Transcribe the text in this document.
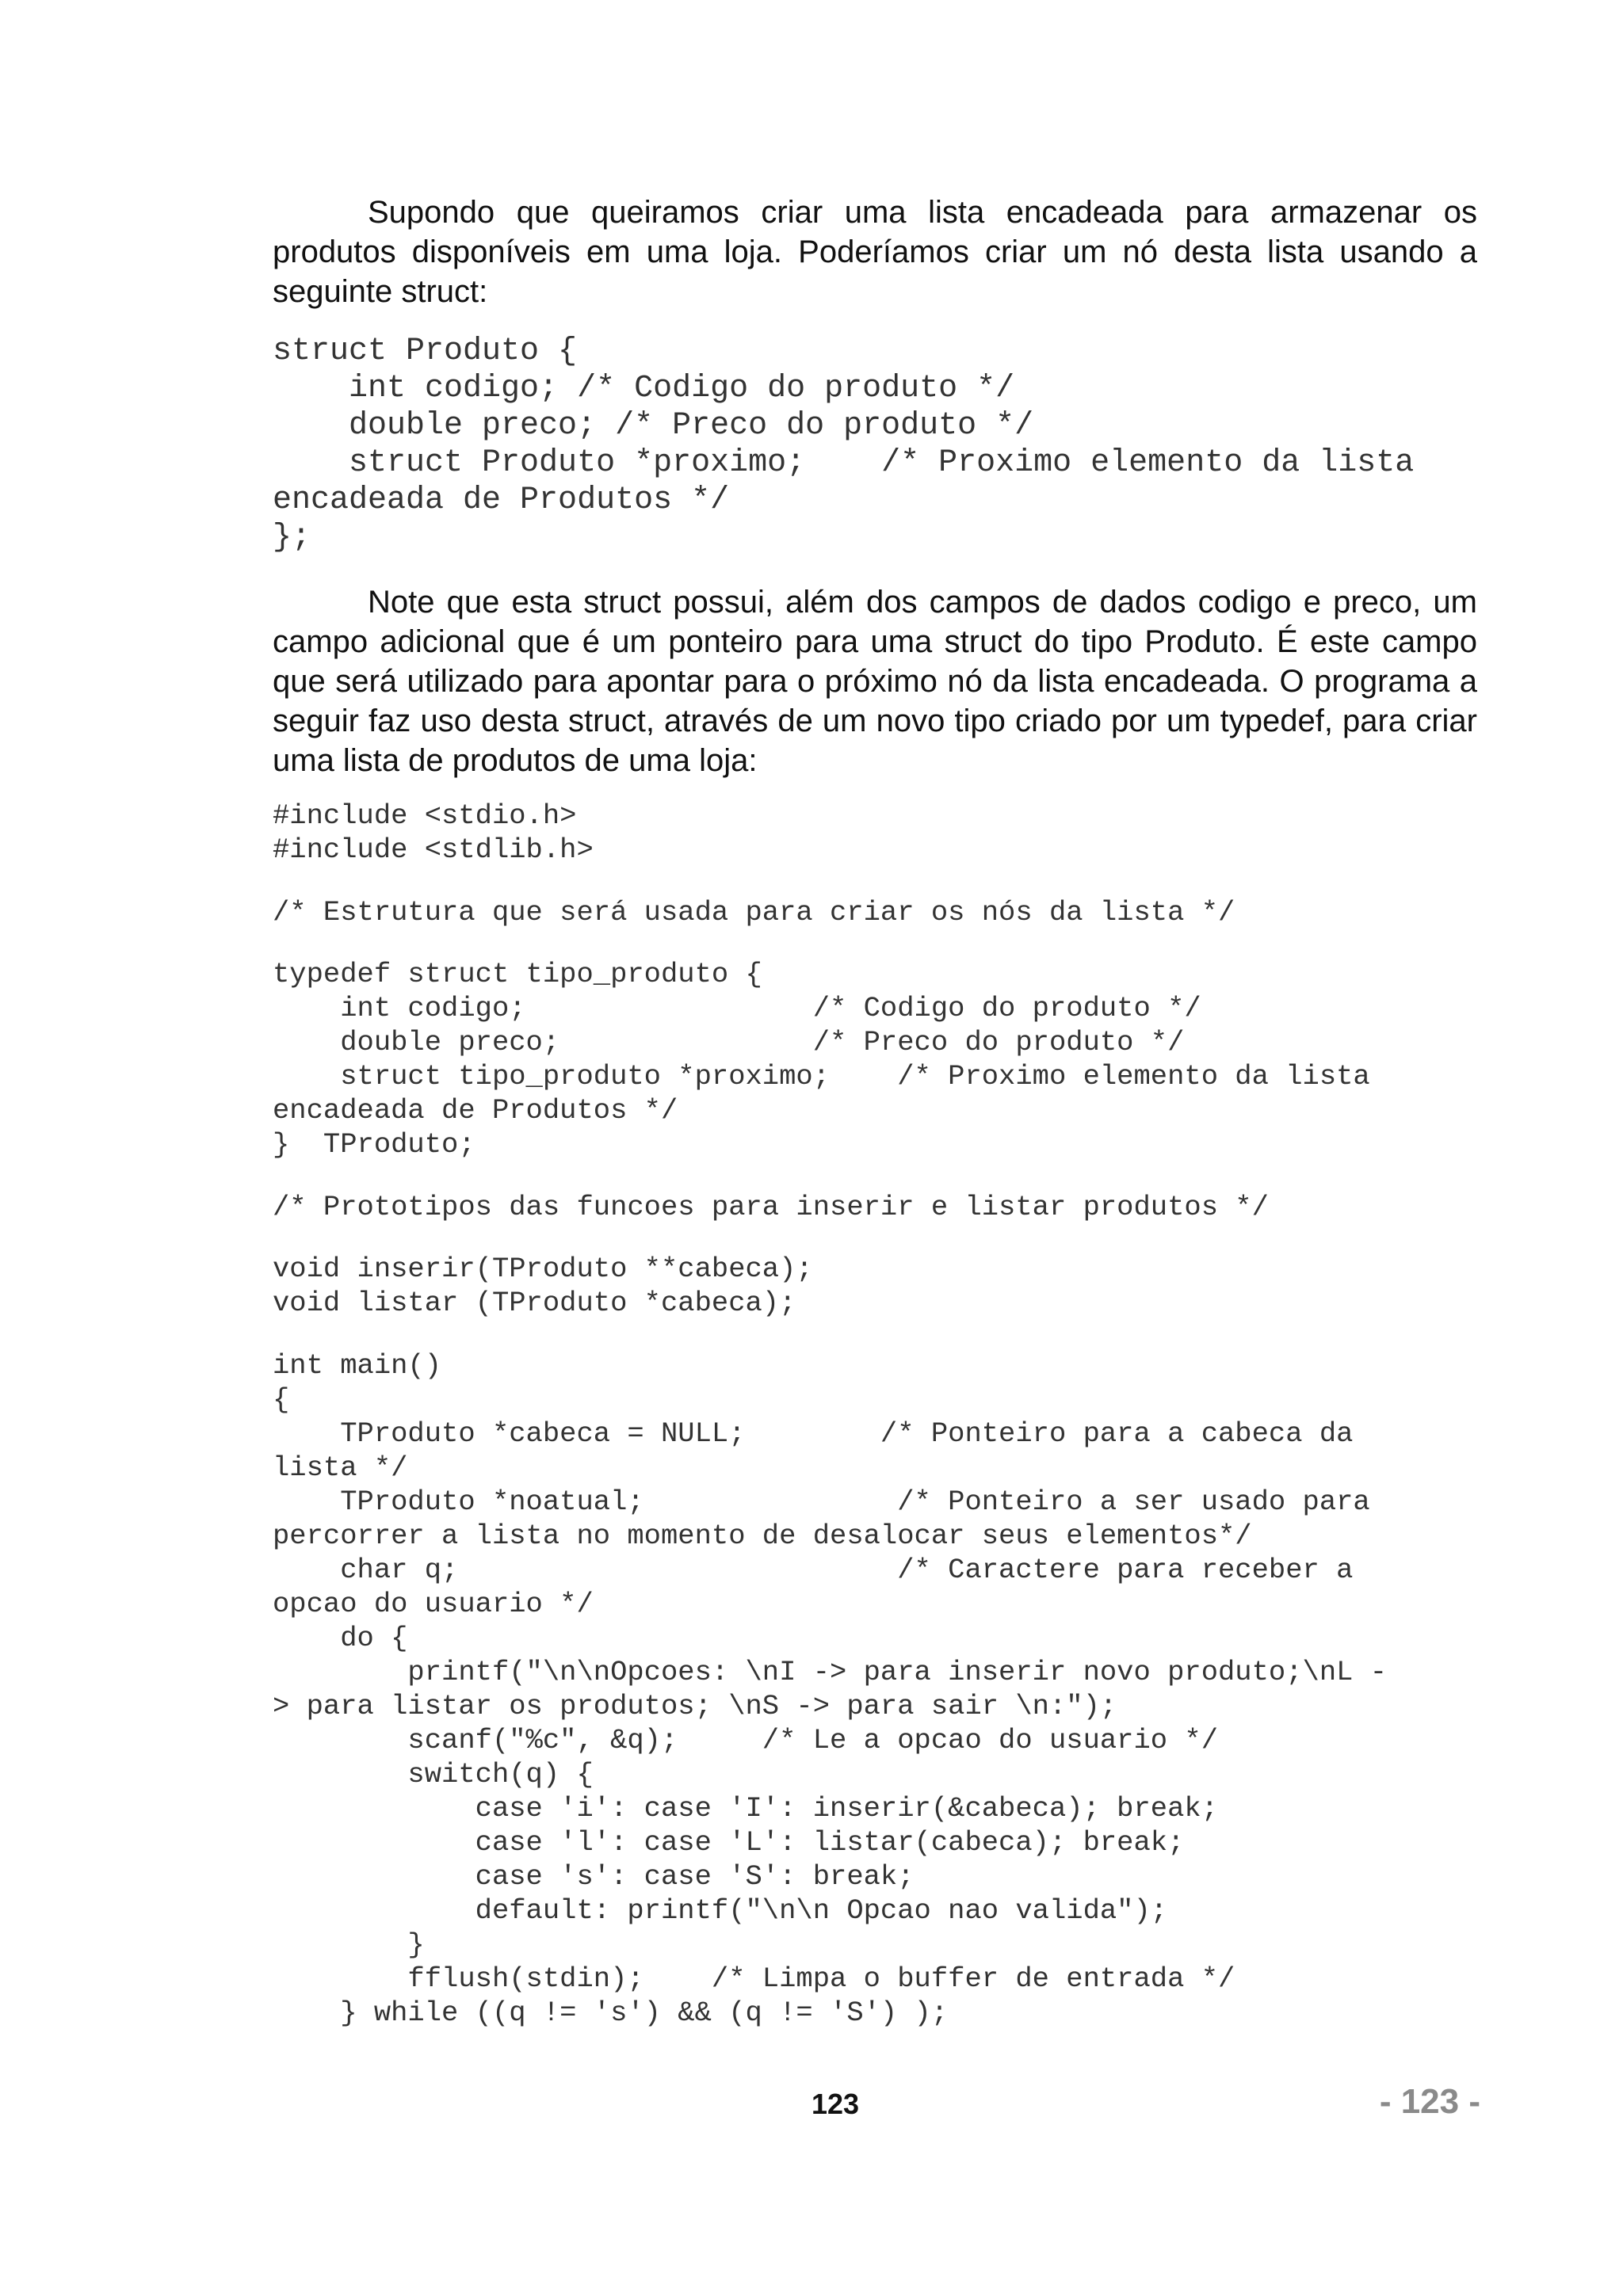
Supondo que queiramos criar uma lista encadeada para armazenar os produtos disponíveis em uma loja. Poderíamos criar um nó desta lista usando a seguinte struct:

struct Produto {
int codigo; /* Codigo do produto */
double preco; /* Preco do produto */
struct Produto *proximo;    /* Proximo elemento da lista
encadeada de Produtos */
};

Note que esta struct possui, além dos campos de dados codigo e preco, um campo adicional que é um ponteiro para uma struct do tipo Produto. É este campo que será utilizado para apontar para o próximo nó da lista encadeada. O programa a seguir faz uso desta struct, através de um novo tipo criado por um typedef, para criar uma lista de produtos de uma loja:

#include <stdio.h>
#include <stdlib.h>
/* Estrutura que será usada para criar os nós da lista */
typedef struct tipo_produto {
int codigo;                 /* Codigo do produto */
double preco;               /* Preco do produto */
struct tipo_produto *proximo;    /* Proximo elemento da lista
encadeada de Produtos */
}  TProduto;
/* Prototipos das funcoes para inserir e listar produtos */
void inserir(TProduto **cabeca);
void listar (TProduto *cabeca);
int main()
{
TProduto *cabeca = NULL;        /* Ponteiro para a cabeca da
lista */
TProduto *noatual;               /* Ponteiro a ser usado para
percorrer a lista no momento de desalocar seus elementos*/
char q;                          /* Caractere para receber a
opcao do usuario */
do {
printf("\n\nOpcoes: \nI -> para inserir novo produto;\nL -
> para listar os produtos; \nS -> para sair \n:");
scanf("%c", &q);     /* Le a opcao do usuario */
switch(q) {
case 'i': case 'I': inserir(&cabeca); break;
case 'l': case 'L': listar(cabeca); break;
case 's': case 'S': break;
default: printf("\n\n Opcao nao valida");
}
fflush(stdin);    /* Limpa o buffer de entrada */
} while ((q != 's') && (q != 'S') );
123	- 123 -
